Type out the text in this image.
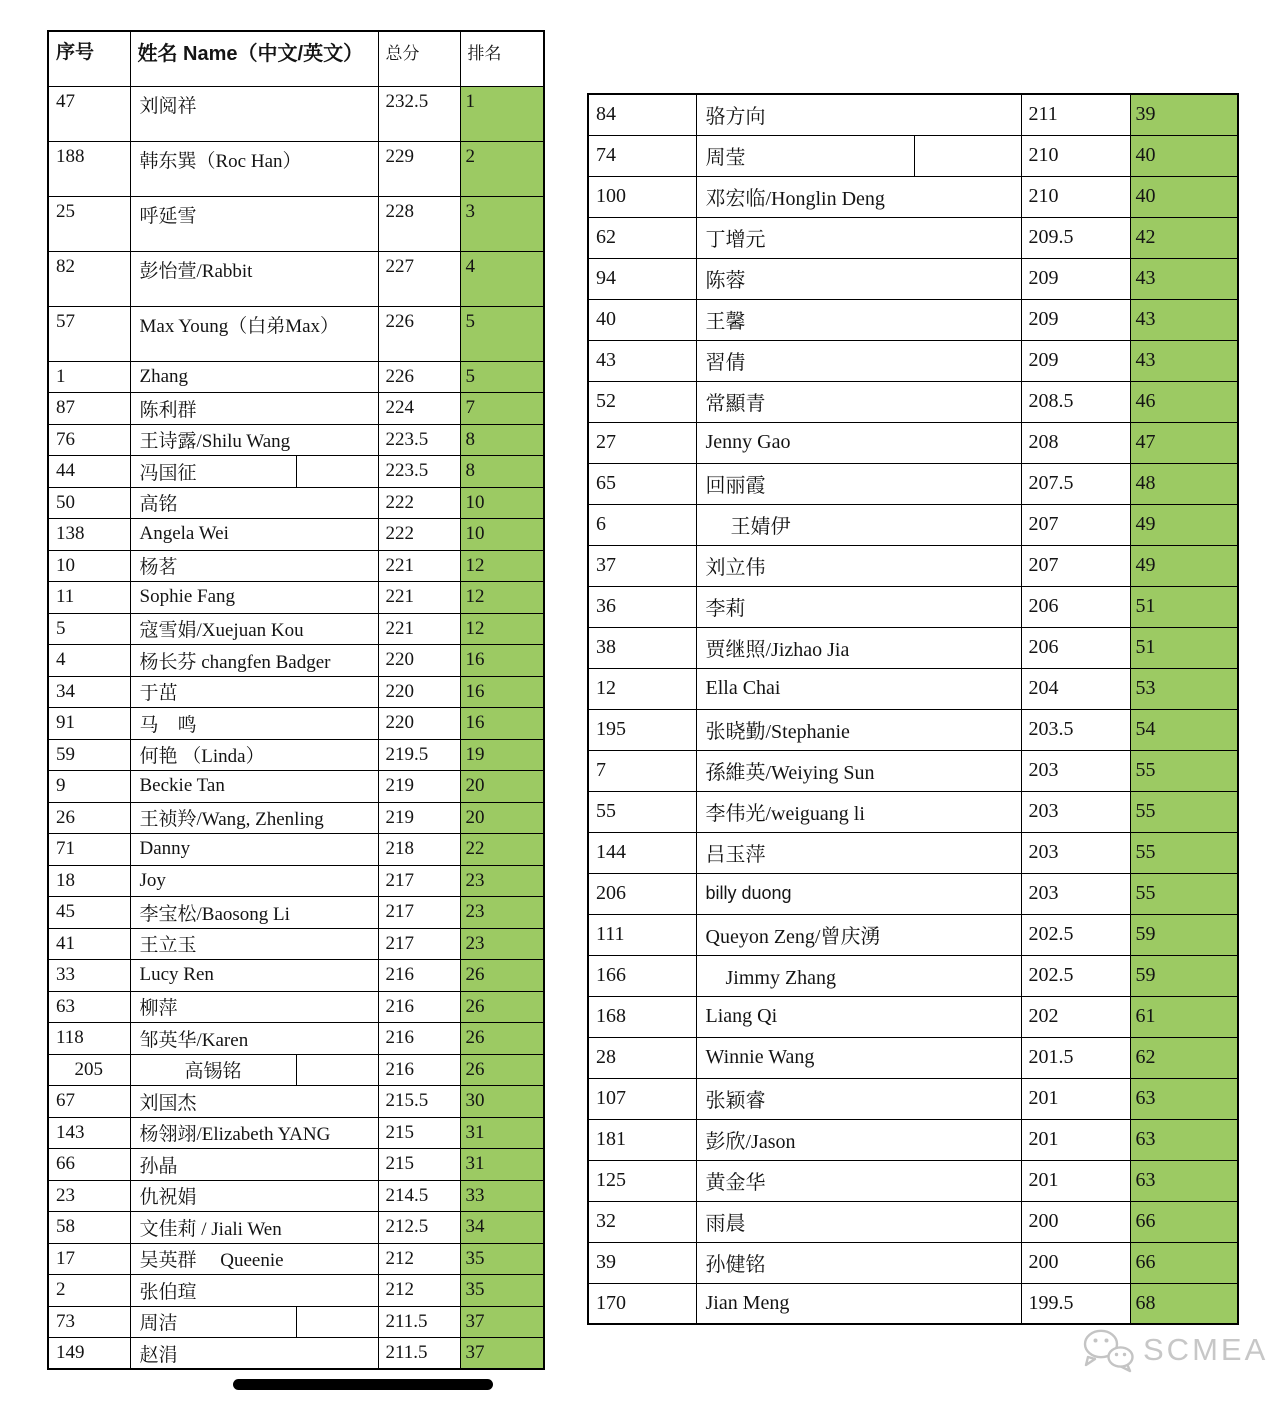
序号	姓名 Name（中文/英文）	总分	排名
47	刘阅祥	232.5	1
188	韩东巽（Roc Han）	229	2
25	呼延雪	228	3
82	彭怡萱/Rabbit	227	4
57	Max Young（白弟Max）	226	5
1	Zhang	226	5
87	陈利群	224	7
76	王诗露/Shilu Wang	223.5	8
44	冯国征	223.5	8
50	高铭	222	10
138	Angela Wei	222	10
10	杨茗	221	12
11	Sophie Fang	221	12
5	寇雪娟/Xuejuan Kou	221	12
4	杨长芬 changfen Badger	220	16
34	于茁	220	16
91	马　鸣	220	16
59	何艳 （Linda）	219.5	19
9	Beckie Tan	219	20
26	王祯羚/Wang, Zhenling	219	20
71	Danny	218	22
18	Joy	217	23
45	李宝松/Baosong Li	217	23
41	王立玉	217	23
33	Lucy Ren	216	26
63	柳萍	216	26
118	邹英华/Karen	216	26
205	高锡铭	216	26
67	刘国杰	215.5	30
143	杨翎翊/Elizabeth YANG	215	31
66	孙晶	215	31
23	仇祝娟	214.5	33
58	文佳莉 / Jiali Wen	212.5	34
17	吴英群　 Queenie	212	35
2	张伯瑄	212	35
73	周洁	211.5	37
149	赵涓	211.5	37
84	骆方向	211	39
74	周莹	210	40
100	邓宏临/Honglin Deng	210	40
62	丁增元	209.5	42
94	陈蓉	209	43
40	王馨	209	43
43	習倩	209	43
52	常顯青	208.5	46
27	Jenny Gao	208	47
65	回丽霞	207.5	48
6	　 王婧伊	207	49
37	刘立伟	207	49
36	李莉	206	51
38	贾继照/Jizhao Jia	206	51
12	Ella Chai	204	53
195	张晓勤/Stephanie	203.5	54
7	孫維英/Weiying Sun	203	55
55	李伟光/weiguang li	203	55
144	吕玉萍	203	55
206	billy duong	203	55
111	Queyon Zeng/曾庆湧	202.5	59
166	　Jimmy Zhang	202.5	59
168	Liang Qi	202	61
28	Winnie Wang	201.5	62
107	张颖睿	201	63
181	彭欣/Jason	201	63
125	黄金华	201	63
32	雨晨	200	66
39	孙健铭	200	66
170	Jian Meng	199.5	68
SCMEA
